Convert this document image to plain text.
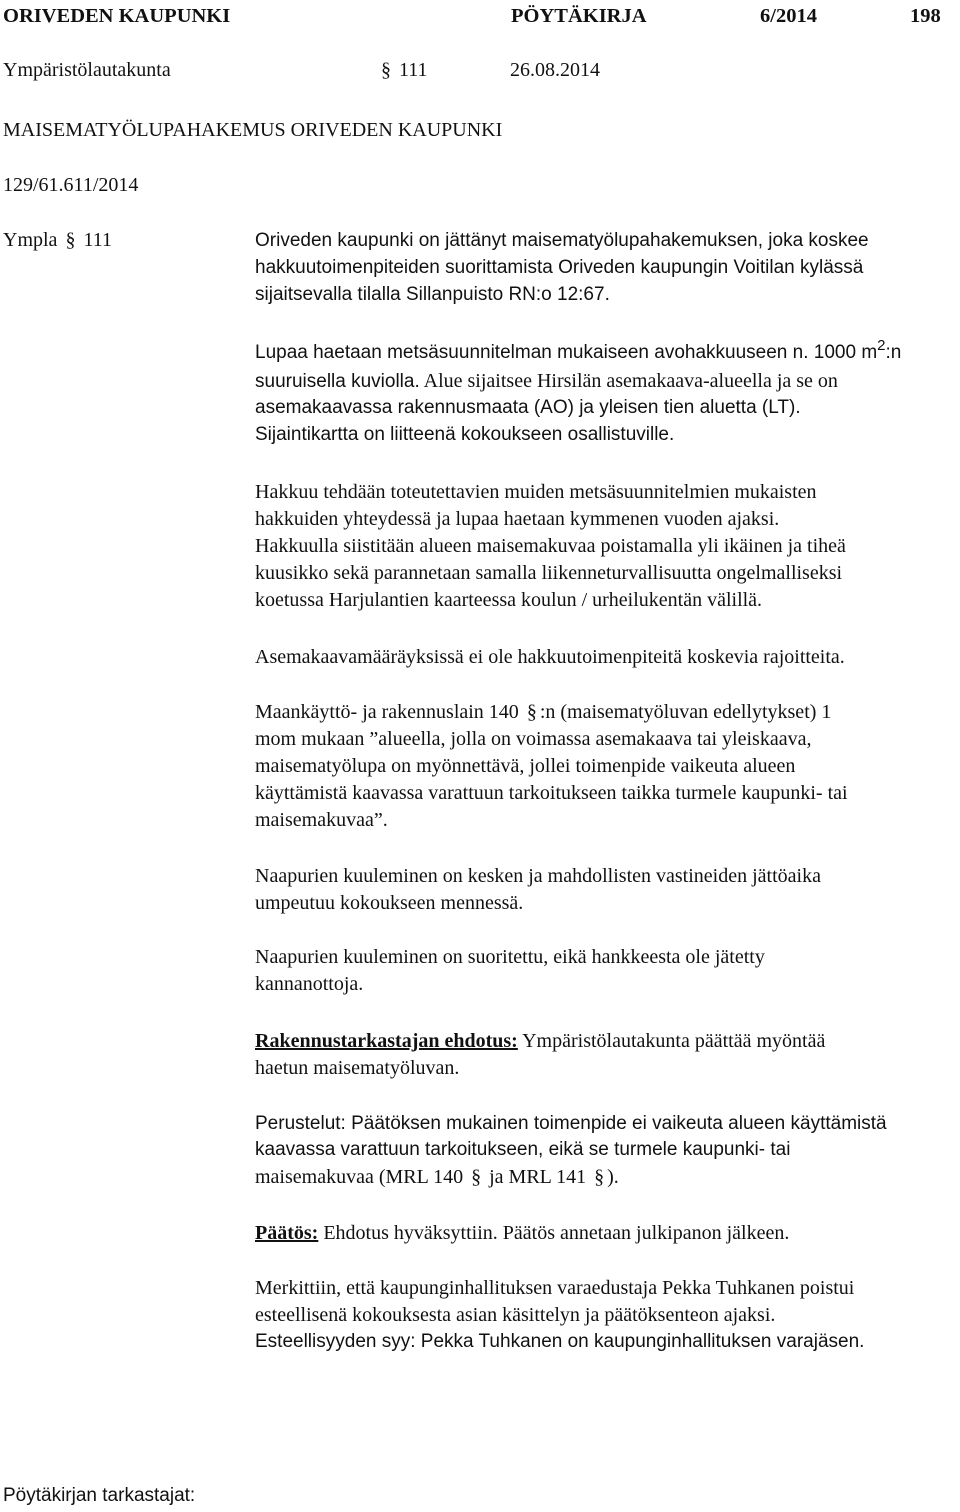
ORIVEDEN KAUPUNKI	PÖYTÄKIRJA	6/2014	198
Ympäristölautakunta	§ 111	26.08.2014
MAISEMATYÖLUPAHAKEMUS ORIVEDEN KAUPUNKI
129/61.611/2014
Ympla § 111	Oriveden kaupunki on jättänyt maisematyölupahakemuksen, joka koskee
hakkuutoimenpiteiden suorittamista Oriveden kaupungin Voitilan kylässä
sijaitsevalla tilalla Sillanpuisto RN:o 12:67.
Lupaa haetaan metsäsuunnitelman mukaiseen avohakkuuseen n. 1000 $m^2:n$
suuruisella kuviolla. Alue sijaitsee Hirsilän asemakaava-alueella ja se on
asemakaavassa rakennusmaata (AO) ja yleisen tien aluetta (LT).
Sijaintikartta on liitteenä kokoukseen osallistuville.
Hakkuu tehdään toteutettavien muiden metsäsuunnitelmien mukaisten
hakkuiden yhteydessä ja lupaa haetaan kymmenen vuoden ajaksi.
Hakkuulla siistitään alueen maisemakuvaa poistamalla yli ikäinen ja tiheä
kuusikko sekä parannetaan samalla liikenneturvallisuutta ongelmalliseksi
koetussa Harjulantien kaarteessa koulun / urheilukentän välillä.
Asemakaavamääräyksissä ei ole hakkuutoimenpiteitä koskevia rajoitteita.
Maankäyttö- ja rakennuslain 140 § :n (maisematyöluvan edellytykset) 1
mom mukaan ”alueella, jolla on voimassa asemakaava tai yleiskaava,
maisematyölupa on myönnettävä, jollei toimenpide vaikeuta alueen
käyttämistä kaavassa varattuun tarkoitukseen taikka turmele kaupunki- tai
maisemakuvaa”.
Naapurien kuuleminen on kesken ja mahdollisten vastineiden jättöaika
umpeutuu kokoukseen mennessä.
Naapurien kuuleminen on suoritettu, eikä hankkeesta ole jätetty
kannanottoja.
Rakennustarkastajan ehdotus: Ympäristölautakunta päättää myöntää
haetun maisematyöluvan.
Perustelut: Päätöksen mukainen toimenpide ei vaikeuta alueen käyttämistä
kaavassa varattuun tarkoitukseen, eikä se turmele kaupunki- tai
maisemakuvaa (MRL 140 § ja MRL 141 § ).
Päätös: Ehdotus hyväksyttiin. Päätös annetaan julkipanon jälkeen.
Merkittiin, että kaupunginhallituksen varaedustaja Pekka Tuhkanen poistui
esteellisenä kokouksesta asian käsittelyn ja päätöksenteon ajaksi.
Esteellisyyden syy: Pekka Tuhkanen on kaupunginhallituksen varajäsen.
Pöytäkirjan tarkastajat:
